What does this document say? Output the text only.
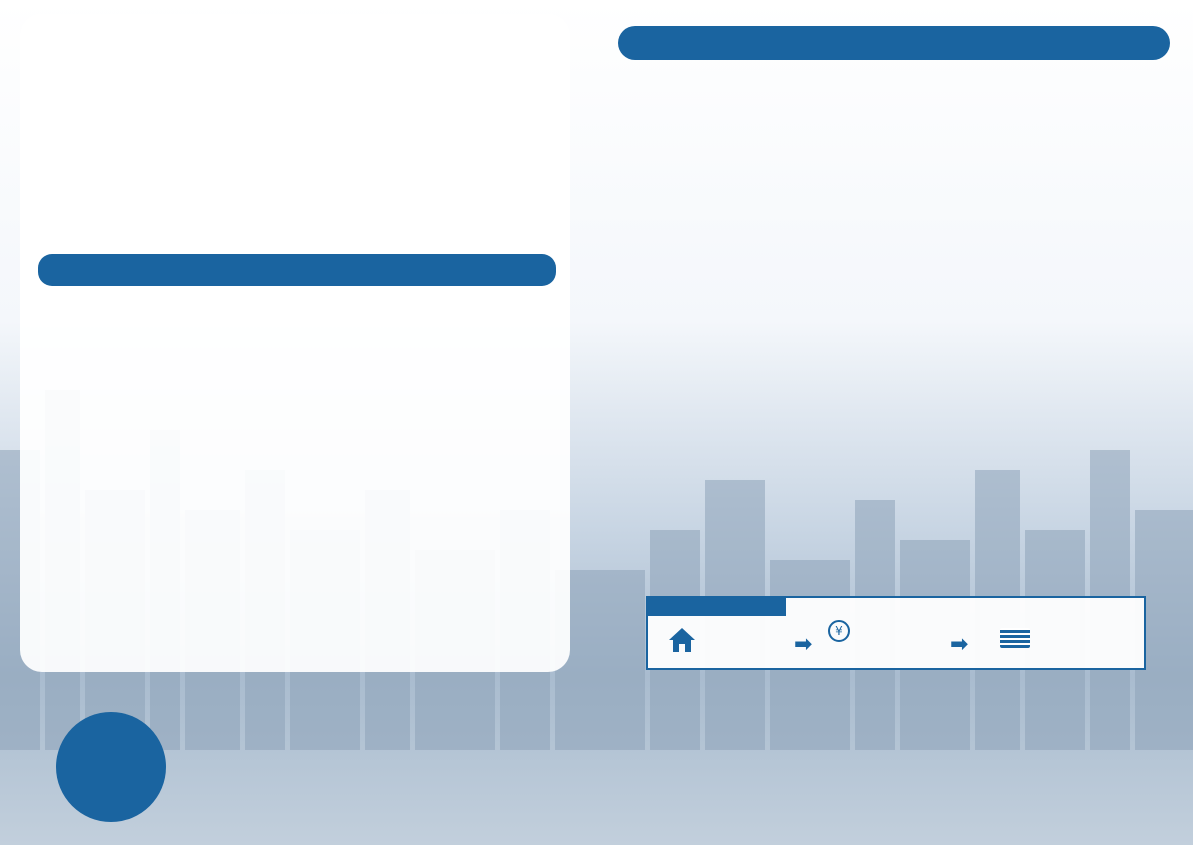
➡
¥
➡
